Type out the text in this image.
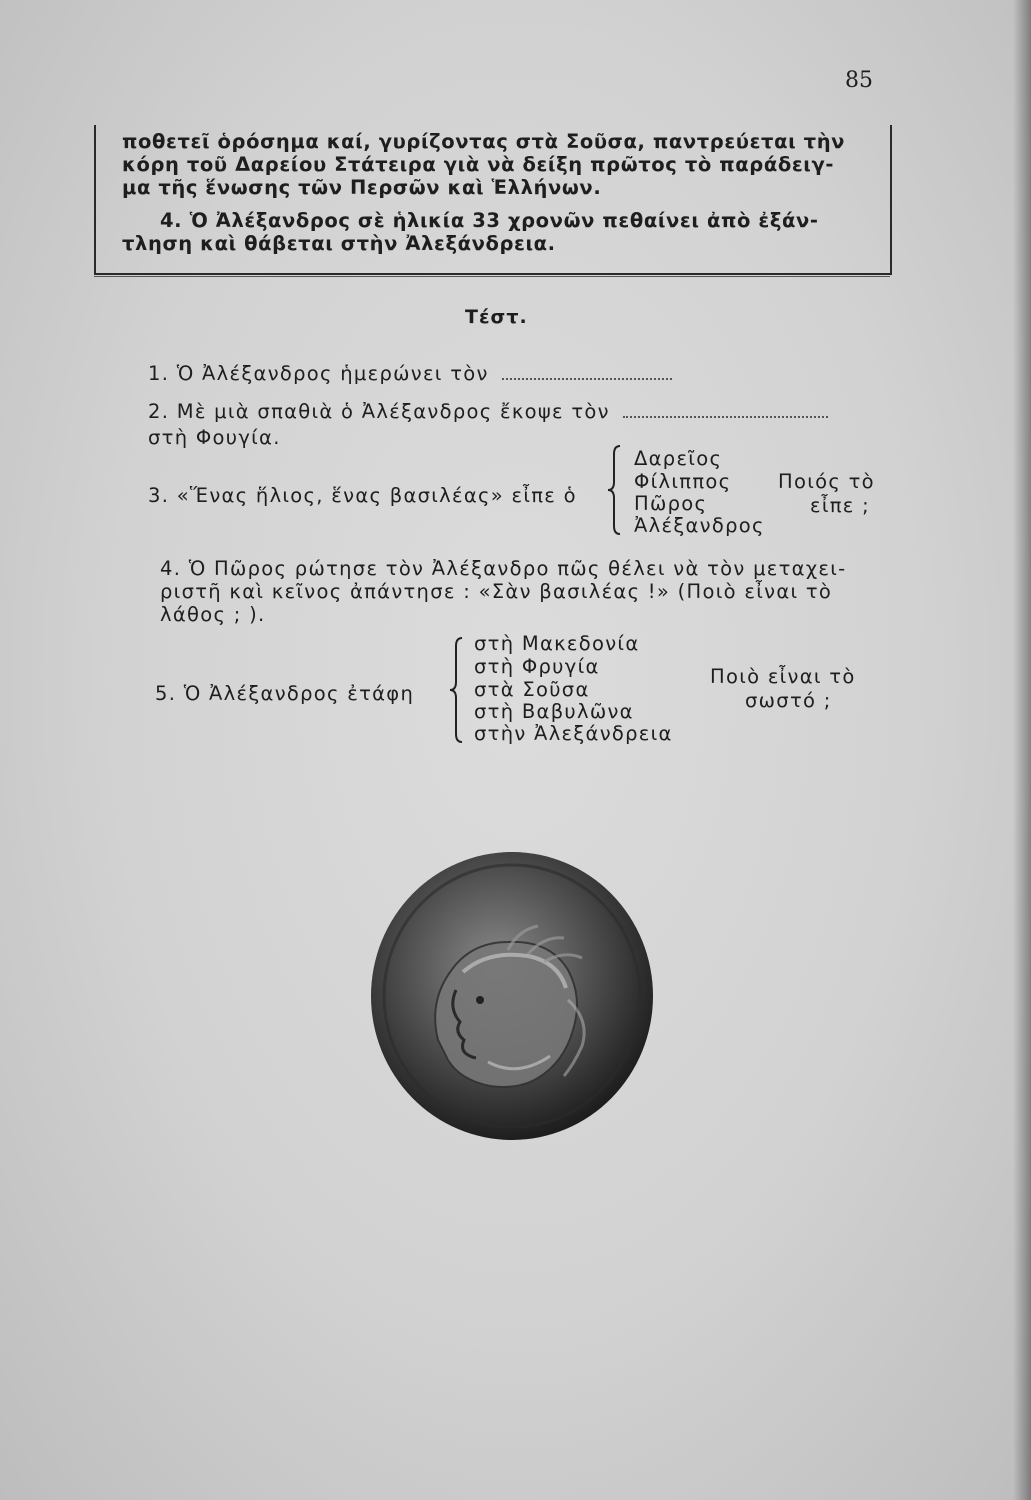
85

ποθετεῖ ὁρόσημα καί, γυρίζοντας στὰ Σοῦσα, παντρεύεται τὴν

κόρη τοῦ Δαρείου Στάτειρα γιὰ νὰ δείξη πρῶτος τὸ παράδειγ-

μα τῆς ἕνωσης τῶν Περσῶν καὶ Ἑλλήνων.

4. Ὁ Ἀλέξανδρος σὲ ἡλικία 33 χρονῶν πεθαίνει ἀπὸ ἐξάν-

τληση καὶ θάβεται στὴν Ἀλεξάνδρεια.

Τέστ.
1. Ὁ Ἀλέξανδρος ἡμερώνει τὸν
2. Μὲ μιὰ σπαθιὰ ὁ Ἀλέξανδρος ἔκοψε τὸν
στὴ Φουγία.
3. «Ἕνας ἥλιος, ἕνας βασιλέας» εἶπε ὁ
Δαρεῖος
Φίλιππος
Πῶρος
Ἀλέξανδρος
Ποιός τὸ
εἶπε ;
4. Ὁ Πῶρος ρώτησε τὸν Ἀλέξανδρο πῶς θέλει νὰ τὸν μεταχει-
ριστῆ καὶ κεῖνος ἀπάντησε : «Σὰν βασιλέας !» (Ποιὸ εἶναι τὸ
λάθος ; ).
5. Ὁ Ἀλέξανδρος ἐτάφη
στὴ Μακεδονία
στὴ Φρυγία
στὰ Σοῦσα
στὴ Βαβυλῶνα
στὴν Ἀλεξάνδρεια
Ποιὸ εἶναι τὸ
σωστό ;
